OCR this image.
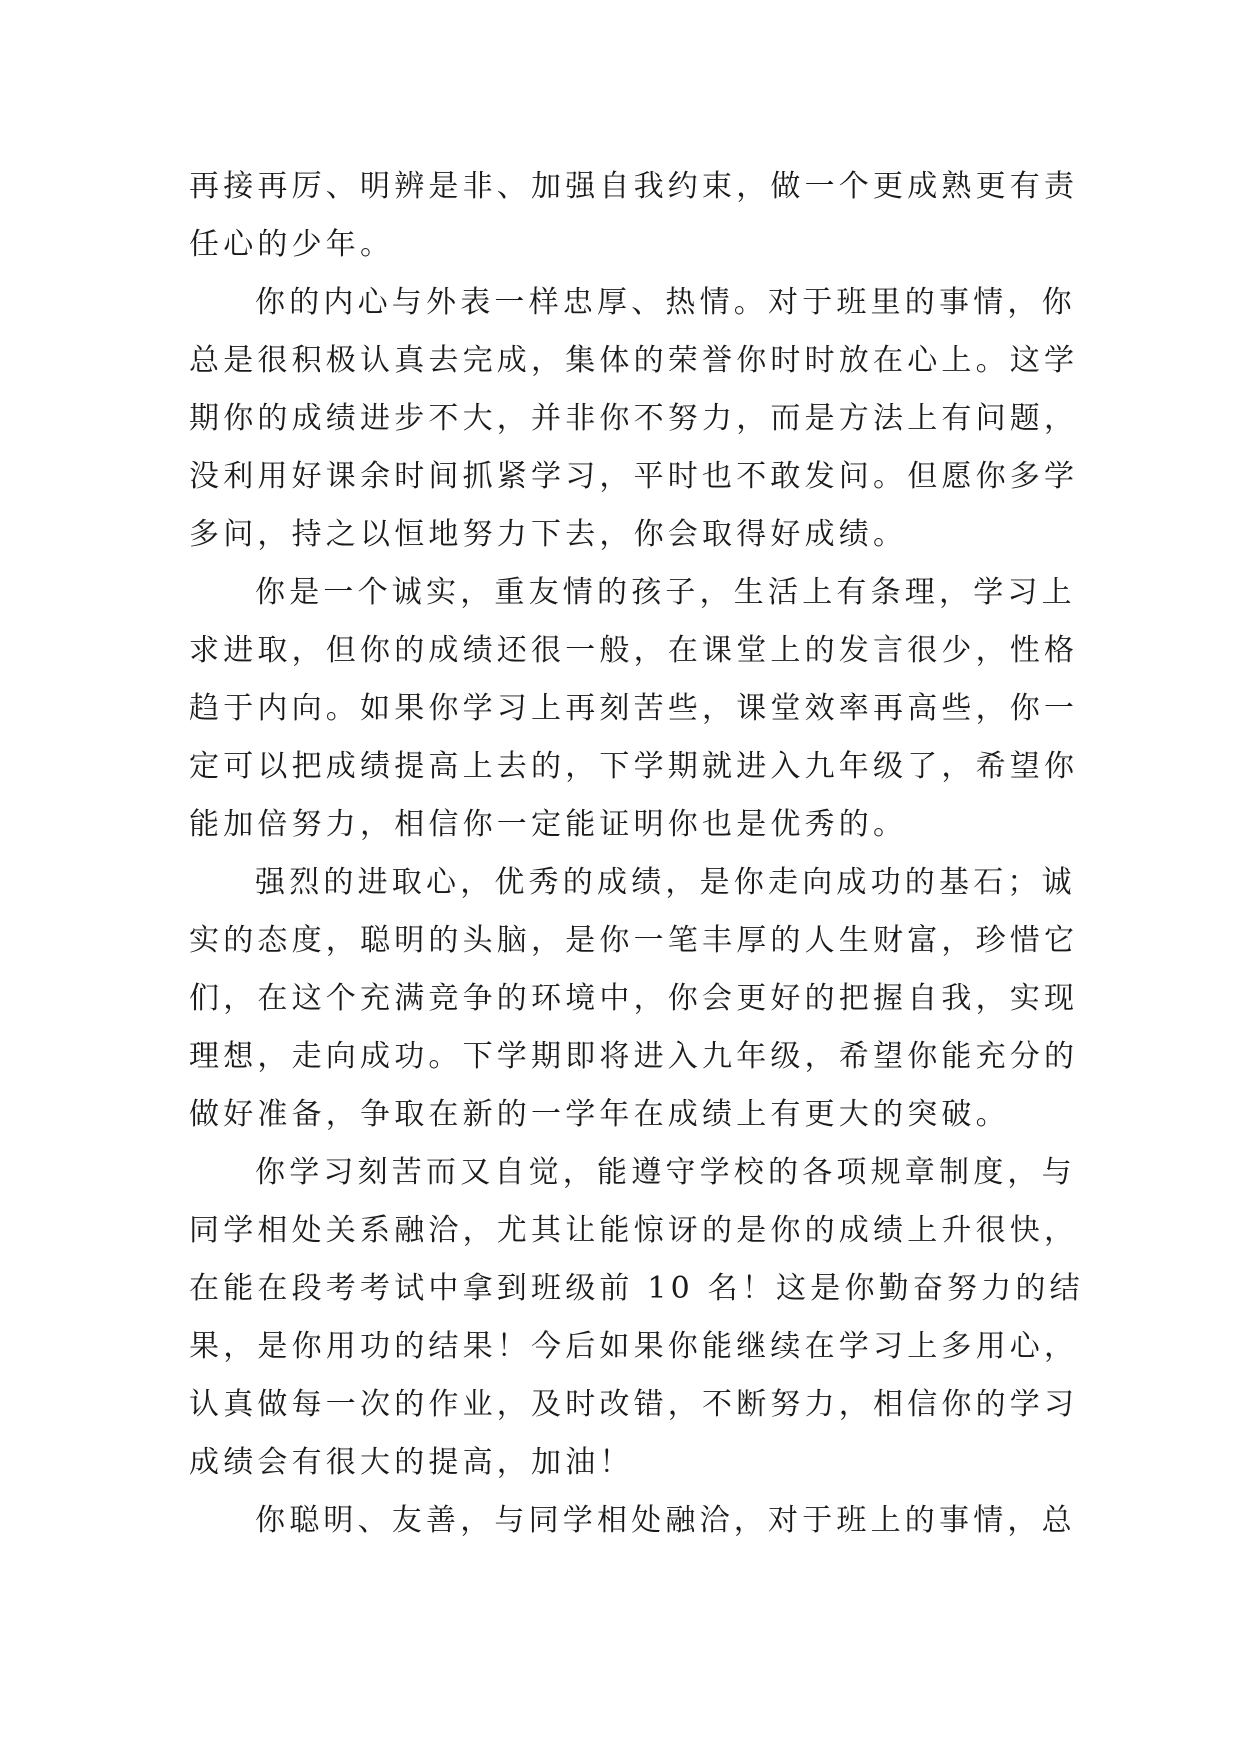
再接再厉、明辨是非、加强自我约束，做一个更成熟更有责
任心的少年。
你的内心与外表一样忠厚、热情。对于班里的事情，你
总是很积极认真去完成，集体的荣誉你时时放在心上。这学
期你的成绩进步不大，并非你不努力，而是方法上有问题，
没利用好课余时间抓紧学习，平时也不敢发问。但愿你多学
多问，持之以恒地努力下去，你会取得好成绩。
你是一个诚实，重友情的孩子，生活上有条理，学习上
求进取，但你的成绩还很一般，在课堂上的发言很少，性格
趋于内向。如果你学习上再刻苦些，课堂效率再高些，你一
定可以把成绩提高上去的，下学期就进入九年级了，希望你
能加倍努力，相信你一定能证明你也是优秀的。
强烈的进取心，优秀的成绩，是你走向成功的基石；诚
实的态度，聪明的头脑，是你一笔丰厚的人生财富，珍惜它
们，在这个充满竞争的环境中，你会更好的把握自我，实现
理想，走向成功。下学期即将进入九年级，希望你能充分的
做好准备，争取在新的一学年在成绩上有更大的突破。
你学习刻苦而又自觉，能遵守学校的各项规章制度，与
同学相处关系融洽，尤其让能惊讶的是你的成绩上升很快，
在能在段考考试中拿到班级前 10 名！这是你勤奋努力的结
果，是你用功的结果！今后如果你能继续在学习上多用心，
认真做每一次的作业，及时改错，不断努力，相信你的学习
成绩会有很大的提高，加油！
你聪明、友善，与同学相处融洽，对于班上的事情，总
